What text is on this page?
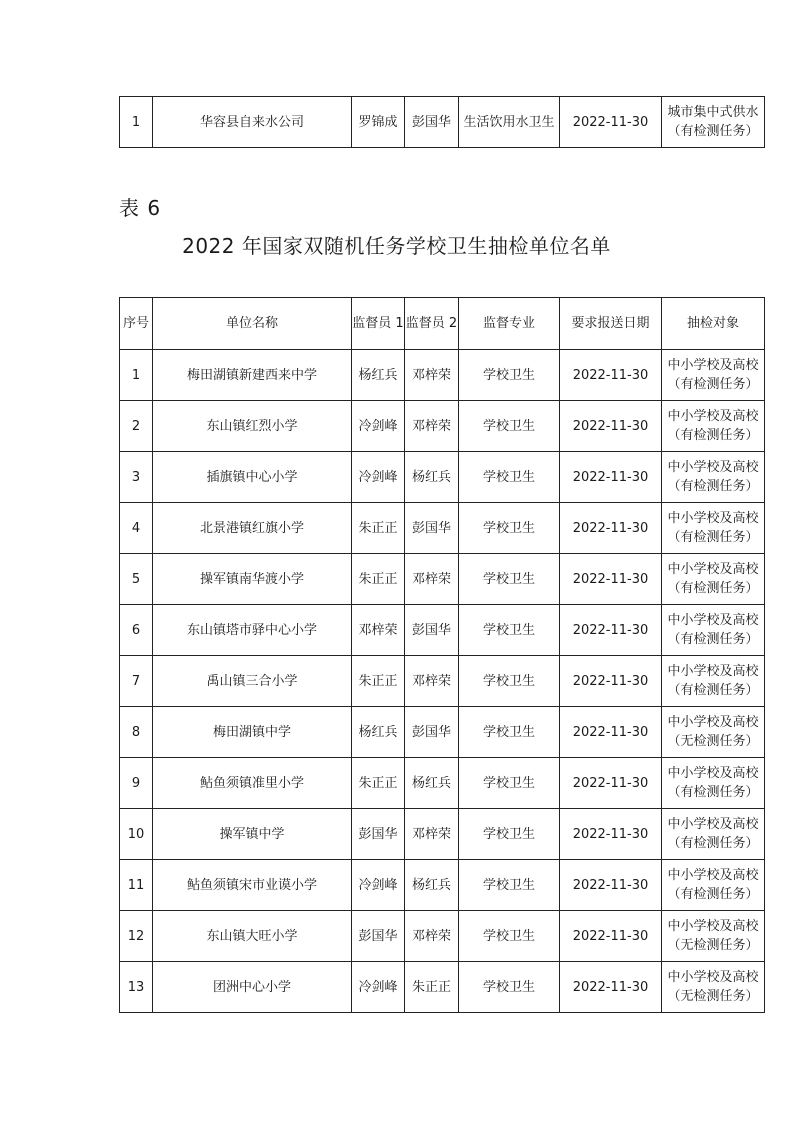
1	华容县自来水公司	罗锦成	彭国华	生活饮用水卫生	2022-11-30	
城市集中式供水
（有检测任务）
表 6
2022 年国家双随机任务学校卫生抽检单位名单
序号	单位名称	监督员 1	监督员 2	监督专业	要求报送日期	抽检对象
1	梅田湖镇新建西来中学	杨红兵	邓梓荣	学校卫生	2022-11-30	中小学校及高校
（有检测任务）

2	东山镇红烈小学	冷剑峰	邓梓荣	学校卫生	2022-11-30	中小学校及高校
（有检测任务）

3	插旗镇中心小学	冷剑峰	杨红兵	学校卫生	2022-11-30	中小学校及高校
（有检测任务）

4	北景港镇红旗小学	朱正正	彭国华	学校卫生	2022-11-30	中小学校及高校
（有检测任务）

5	操军镇南华渡小学	朱正正	邓梓荣	学校卫生	2022-11-30	中小学校及高校
（有检测任务）

6	东山镇塔市驿中心小学	邓梓荣	彭国华	学校卫生	2022-11-30	中小学校及高校
（有检测任务）

7	禹山镇三合小学	朱正正	邓梓荣	学校卫生	2022-11-30	中小学校及高校
（有检测任务）

8	梅田湖镇中学	杨红兵	彭国华	学校卫生	2022-11-30	中小学校及高校
（无检测任务）

9	鲇鱼须镇准里小学	朱正正	杨红兵	学校卫生	2022-11-30	中小学校及高校
（有检测任务）

10	操军镇中学	彭国华	邓梓荣	学校卫生	2022-11-30	中小学校及高校
（有检测任务）

11	鲇鱼须镇宋市业谟小学	冷剑峰	杨红兵	学校卫生	2022-11-30	中小学校及高校
（有检测任务）

12	东山镇大旺小学	彭国华	邓梓荣	学校卫生	2022-11-30	中小学校及高校
（无检测任务）

13	团洲中心小学	冷剑峰	朱正正	学校卫生	2022-11-30	中小学校及高校
（无检测任务）
